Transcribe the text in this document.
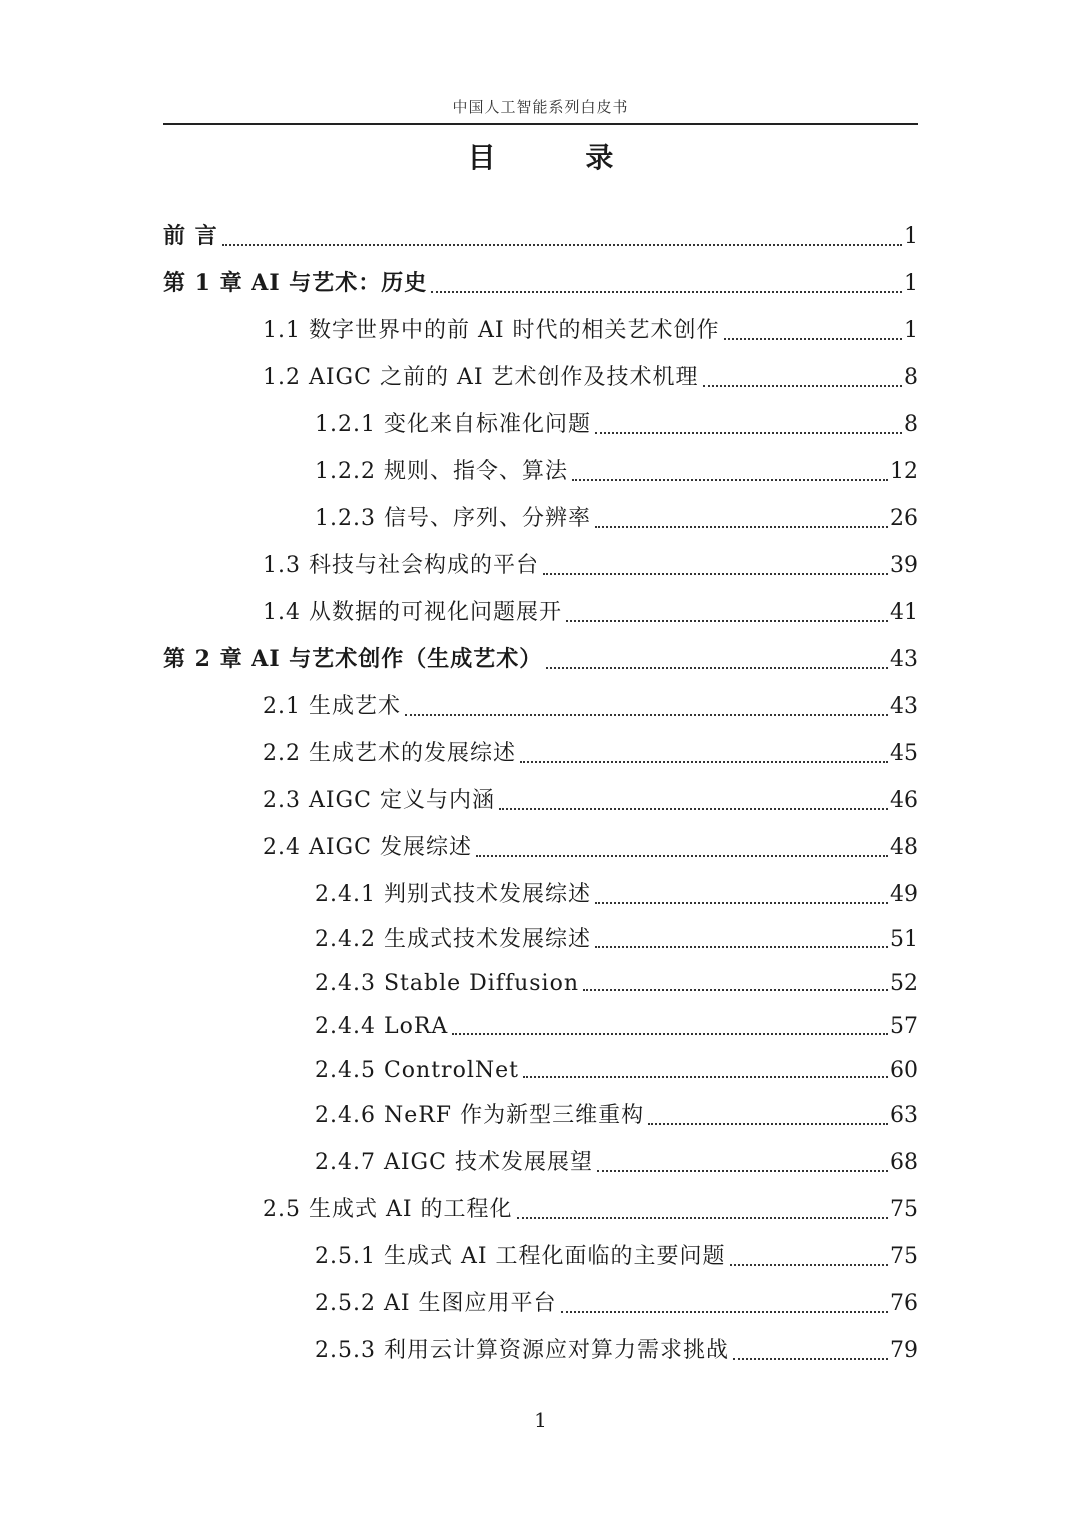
中国人工智能系列白皮书
目 录
前 言	1
第 1 章 AI 与艺术：历史	1
1.1 数字世界中的前 AI 时代的相关艺术创作	1
1.2 AIGC 之前的 AI 艺术创作及技术机理	8
1.2.1 变化来自标准化问题	8
1.2.2 规则、指令、算法	12
1.2.3 信号、序列、分辨率	26
1.3 科技与社会构成的平台	39
1.4 从数据的可视化问题展开	41
第 2 章 AI 与艺术创作（生成艺术）	43
2.1 生成艺术	43
2.2 生成艺术的发展综述	45
2.3 AIGC 定义与内涵	46
2.4 AIGC 发展综述	48
2.4.1 判别式技术发展综述	49
2.4.2 生成式技术发展综述	51
2.4.3 Stable Diffusion	52
2.4.4 LoRA	57
2.4.5 ControlNet	60
2.4.6 NeRF 作为新型三维重构	63
2.4.7 AIGC 技术发展展望	68
2.5 生成式 AI 的工程化	75
2.5.1 生成式 AI 工程化面临的主要问题	75
2.5.2 AI 生图应用平台	76
2.5.3 利用云计算资源应对算力需求挑战	79
1
